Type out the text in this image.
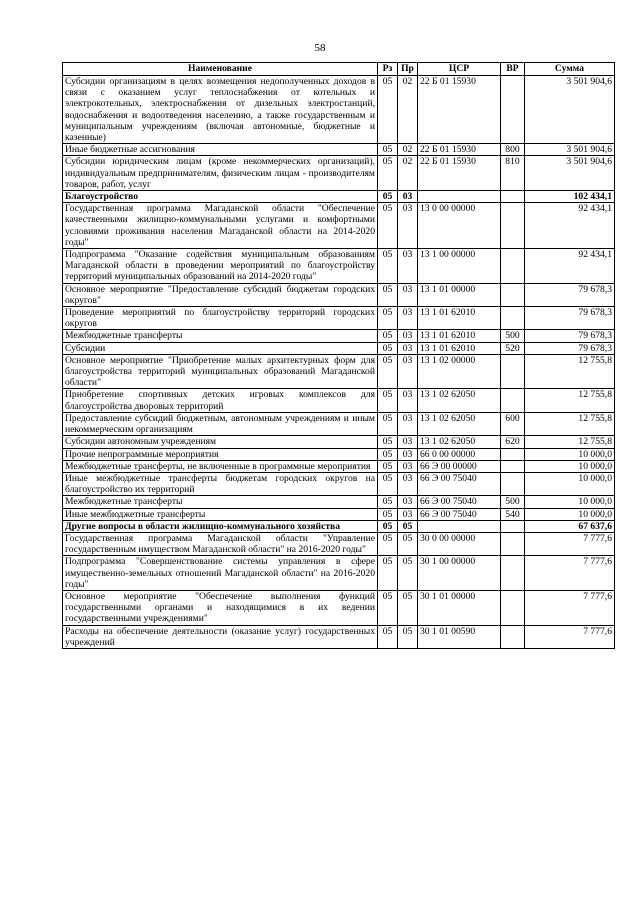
58
Наименование	Рз	Пр	ЦСР	ВР	Сумма
Субсидии организациям в целях возмещения недополученных доходов в связи с оказанием услуг теплоснабжения от котельных и электрокотельных, электроснабжения от дизельных электростанций, водоснабжения и водоотведения населению, а также государственным и муниципальным учреждениям (включая автономные, бюджетные и казенные)	05	02	22 Б 01 15930		3 501 904,6
Иные бюджетные ассигнования	05	02	22 Б 01 15930	800	3 501 904,6
Субсидии юридическим лицам (кроме некоммерческих организаций), индивидуальным предпринимателям, физическим лицам - производителям товаров, работ, услуг	05	02	22 Б 01 15930	810	3 501 904,6
Благоустройство	05	03			102 434,1
Государственная программа Магаданской области "Обеспечение качественными жилищно-коммунальными услугами и комфортными условиями проживания населения Магаданской области на 2014-2020 годы"	05	03	13 0 00 00000		92 434,1
Подпрограмма "Оказание содействия муниципальным образованиям Магаданской области в проведении мероприятий по благоустройству территорий муниципальных образований на 2014-2020 годы"	05	03	13 1 00 00000		92 434,1
Основное мероприятие "Предоставление субсидий бюджетам городских округов"	05	03	13 1 01 00000		79 678,3
Проведение мероприятий по благоустройству территорий городских округов	05	03	13 1 01 62010		79 678,3
Межбюджетные трансферты	05	03	13 1 01 62010	500	79 678,3
Субсидии	05	03	13 1 01 62010	520	79 678,3
Основное мероприятие "Приобретение малых архитектурных форм для благоустройства территорий муниципальных образований Магаданской области"	05	03	13 1 02 00000		12 755,8
Приобретение спортивных детских игровых комплексов для благоустройства дворовых территорий	05	03	13 1 02 62050		12 755,8
Предоставление субсидий бюджетным, автономным учреждениям и иным некоммерческим организациям	05	03	13 1 02 62050	600	12 755,8
Субсидии автономным учреждениям	05	03	13 1 02 62050	620	12 755,8
Прочие непрограммные мероприятия	05	03	66 0 00 00000		10 000,0
Межбюджетные трансферты, не включенные в программные мероприятия	05	03	66 Э 00 00000		10 000,0
Иные межбюджетные трансферты бюджетам городских округов на благоустройство их территорий	05	03	66 Э 00 75040		10 000,0
Межбюджетные трансферты	05	03	66 Э 00 75040	500	10 000,0
Иные межбюджетные трансферты	05	03	66 Э 00 75040	540	10 000,0
Другие вопросы в области жилищно-коммунального хозяйства	05	05			67 637,6
Государственная программа Магаданской области "Управление государственным имуществом Магаданской области" на 2016-2020 годы"	05	05	30 0 00 00000		7 777,6
Подпрограмма "Совершенствование системы управления в сфере имущественно-земельных отношений Магаданской области" на 2016-2020 годы"	05	05	30 1 00 00000		7 777,6
Основное мероприятие "Обеспечение выполнения функций государственными органами и находящимися в их ведении государственными учреждениями"	05	05	30 1 01 00000		7 777,6
Расходы на обеспечение деятельности (оказание услуг) государственных учреждений	05	05	30 1 01 00590		7 777,6
